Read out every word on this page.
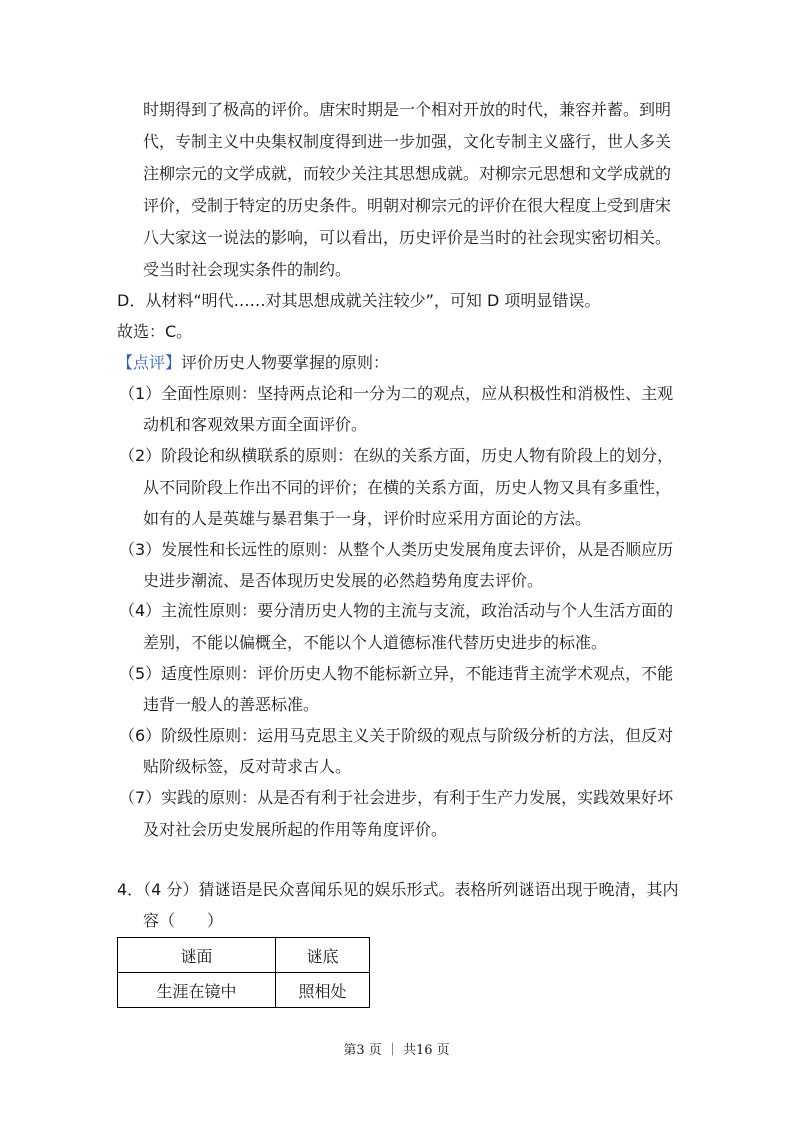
时期得到了极高的评价。唐宋时期是一个相对开放的时代，兼容并蓄。到明
代，专制主义中央集权制度得到进一步加强，文化专制主义盛行，世人多关
注柳宗元的文学成就，而较少关注其思想成就。对柳宗元思想和文学成就的
评价，受制于特定的历史条件。明朝对柳宗元的评价在很大程度上受到唐宋
八大家这一说法的影响，可以看出，历史评价是当时的社会现实密切相关。
受当时社会现实条件的制约。
D．从材料“明代……对其思想成就关注较少”，可知 D 项明显错误。
故选：C。
【点评】评价历史人物要掌握的原则：
（1）全面性原则：坚持两点论和一分为二的观点，应从积极性和消极性、主观
动机和客观效果方面全面评价。
（2）阶段论和纵横联系的原则：在纵的关系方面，历史人物有阶段上的划分，
从不同阶段上作出不同的评价；在横的关系方面，历史人物又具有多重性，
如有的人是英雄与暴君集于一身，评价时应采用方面论的方法。
（3）发展性和长远性的原则：从整个人类历史发展角度去评价，从是否顺应历
史进步潮流、是否体现历史发展的必然趋势角度去评价。
（4）主流性原则：要分清历史人物的主流与支流，政治活动与个人生活方面的
差别，不能以偏概全，不能以个人道德标准代替历史进步的标准。
（5）适度性原则：评价历史人物不能标新立异，不能违背主流学术观点，不能
违背一般人的善恶标准。
（6）阶级性原则：运用马克思主义关于阶级的观点与阶级分析的方法，但反对
贴阶级标签，反对苛求古人。
（7）实践的原则：从是否有利于社会进步，有利于生产力发展，实践效果好坏
及对社会历史发展所起的作用等角度评价。
4．（4 分）猜谜语是民众喜闻乐见的娱乐形式。表格所列谜语出现于晚清，其内
容（　　）
谜面	谜底
生涯在镜中	照相处
第3 页 ｜ 共16 页
